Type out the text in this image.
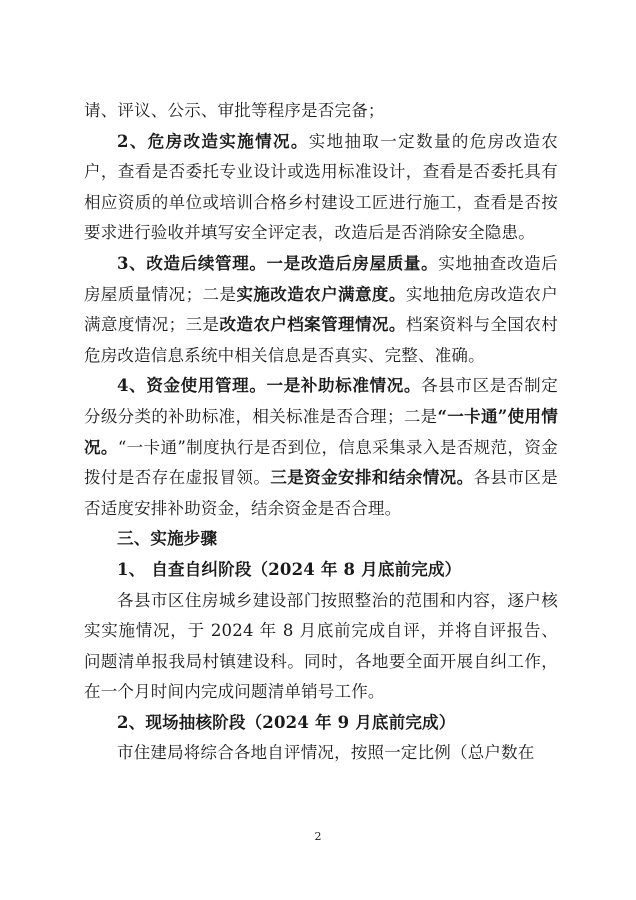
请、评议、公示、审批等程序是否完备；

2、危房改造实施情况。实地抽取一定数量的危房改造农户，查看是否委托专业设计或选用标准设计，查看是否委托具有相应资质的单位或培训合格乡村建设工匠进行施工，查看是否按要求进行验收并填写安全评定表，改造后是否消除安全隐患。

3、改造后续管理。一是改造后房屋质量。实地抽查改造后房屋质量情况；二是实施改造农户满意度。实地抽危房改造农户满意度情况；三是改造农户档案管理情况。档案资料与全国农村危房改造信息系统中相关信息是否真实、完整、准确。

4、资金使用管理。一是补助标准情况。各县市区是否制定分级分类的补助标准，相关标准是否合理；二是“一卡通”使用情况。“一卡通”制度执行是否到位，信息采集录入是否规范，资金拨付是否存在虚报冒领。三是资金安排和结余情况。各县市区是否适度安排补助资金，结余资金是否合理。

三、实施步骤

1、 自查自纠阶段（2024 年 8 月底前完成）

各县市区住房城乡建设部门按照整治的范围和内容，逐户核实实施情况，于 2024 年 8 月底前完成自评，并将自评报告、问题清单报我局村镇建设科。同时，各地要全面开展自纠工作，在一个月时间内完成问题清单销号工作。

2、现场抽核阶段（2024 年 9 月底前完成）

市住建局将综合各地自评情况，按照一定比例（总户数在

2
